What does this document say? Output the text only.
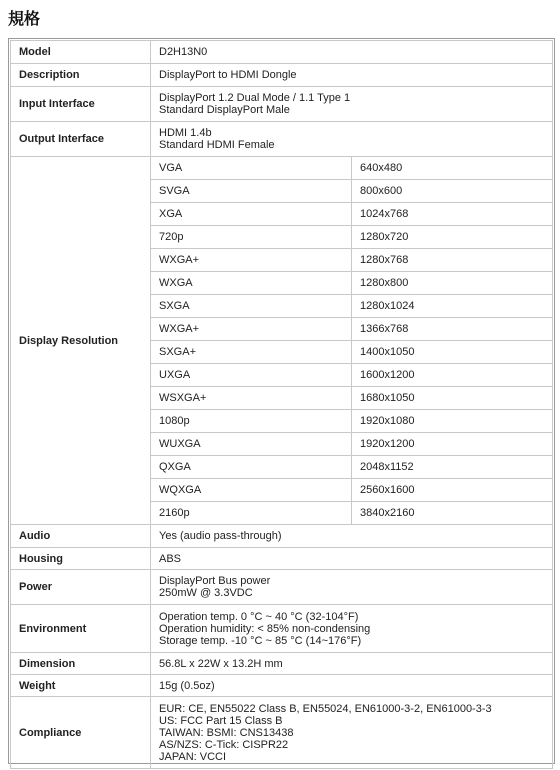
規格
Model	D2H13N0	
Description	DisplayPort to HDMI Dongle	
Input Interface	DisplayPort 1.2 Dual Mode / 1.1 Type 1
Standard DisplayPort Male	

Output Interface	HDMI 1.4b
Standard HDMI Female	

Display Resolution	VGA	640x480
	SVGA	800x600
	XGA	1024x768
	720p	1280x720
	WXGA+	1280x768
	WXGA	1280x800
	SXGA	1280x1024
	WXGA+	1366x768
	SXGA+	1400x1050
	UXGA	1600x1200
	WSXGA+	1680x1050
	1080p	1920x1080
	WUXGA	1920x1200
	QXGA	2048x1152
	WQXGA	2560x1600
	2160p	3840x2160
Audio	Yes (audio pass-through)	
Housing	ABS	
Power	DisplayPort Bus power
250mW @ 3.3VDC	

Environment	Operation temp. 0 °C ~ 40 °C (32-104°F)
Operation humidity: < 85% non-condensing
Storage temp. -10 °C ~ 85 °C (14~176°F)	

Dimension	56.8L x 22W x 13.2H mm	
Weight	15g (0.5oz)	
Compliance	EUR: CE, EN55022 Class B, EN55024, EN61000-3-2, EN61000-3-3
US: FCC Part 15 Class B
TAIWAN: BSMI: CNS13438
AS/NZS: C-Tick: CISPR22
JAPAN: VCCI	
